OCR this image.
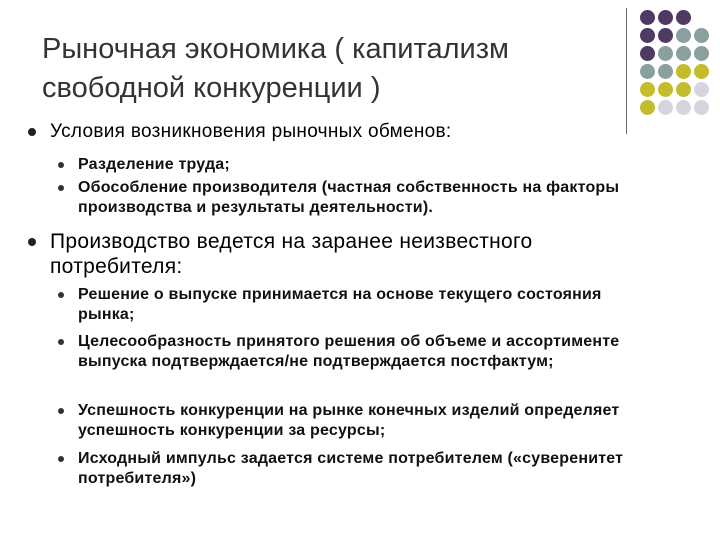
Рыночная экономика ( капитализм свободной конкуренции )
Условия возникновения рыночных обменов:
Разделение труда;
Обособление производителя (частная собственность на факторы производства и результаты деятельности).
Производство ведется на заранее неизвестного потребителя:
Решение о выпуске принимается на основе текущего состояния рынка;
Целесообразность принятого решения об объеме и ассортименте выпуска подтверждается/не подтверждается постфактум;
Успешность конкуренции на рынке конечных изделий определяет успешность конкуренции за ресурсы;
Исходный импульс задается системе потребителем («суверенитет потребителя»)
